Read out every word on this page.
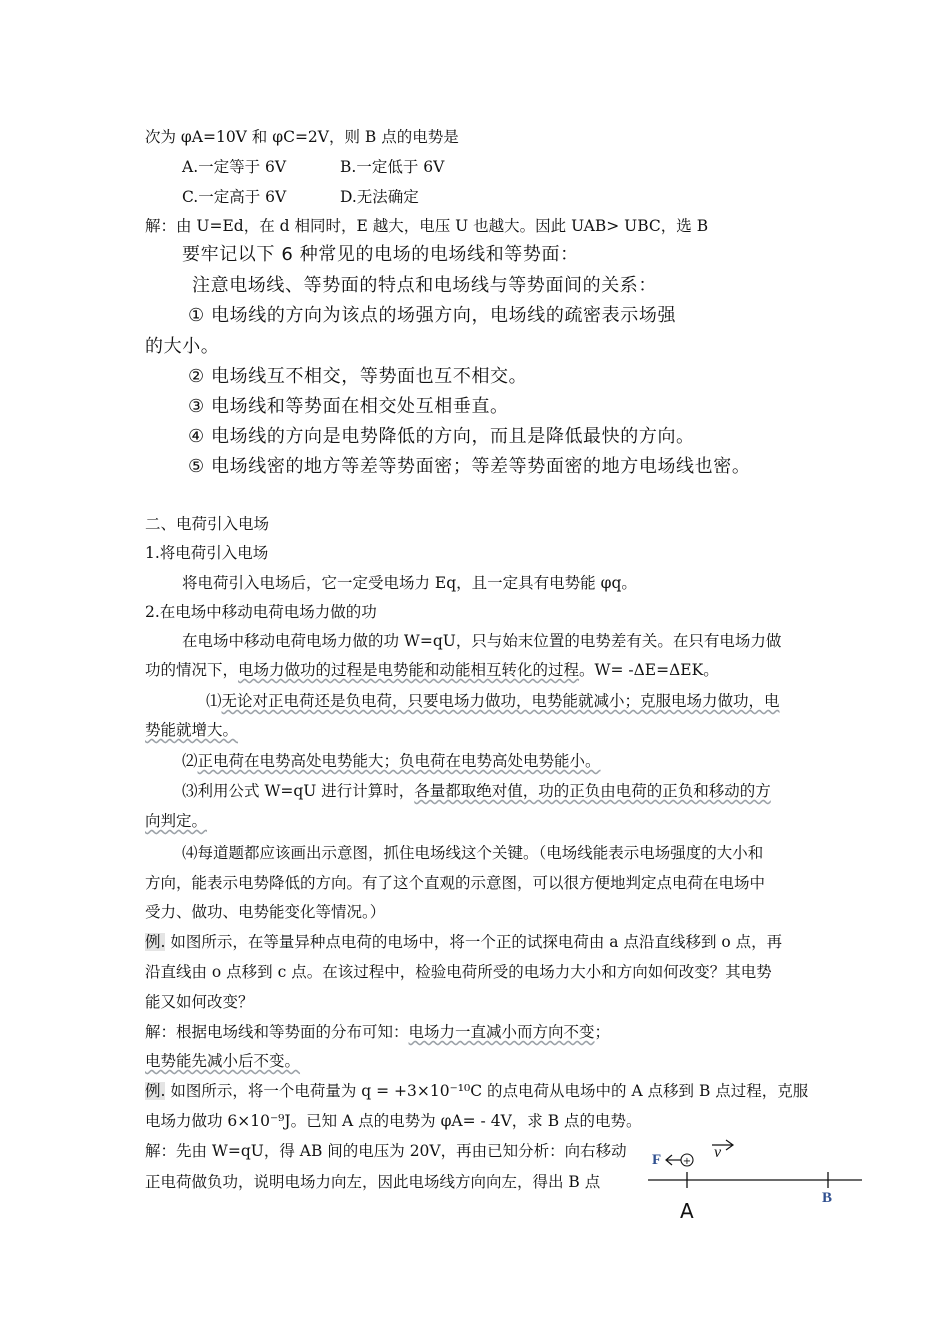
次为 φA=10V 和 φC=2V，则 B 点的电势是
A.一定等于 6V	B.一定低于 6V
C.一定高于 6V	D.无法确定
解：由 U=Ed，在 d 相同时，E 越大，电压 U 也越大。因此 UAB> UBC，选 B
要牢记以下 6 种常见的电场的电场线和等势面：
注意电场线、等势面的特点和电场线与等势面间的关系：
① 电场线的方向为该点的场强方向，电场线的疏密表示场强
的大小。
② 电场线互不相交，等势面也互不相交。
③ 电场线和等势面在相交处互相垂直。
④ 电场线的方向是电势降低的方向，而且是降低最快的方向。
⑤ 电场线密的地方等差等势面密；等差等势面密的地方电场线也密。
二、电荷引入电场
1.将电荷引入电场
将电荷引入电场后，它一定受电场力 Eq，且一定具有电势能 φq。
2.在电场中移动电荷电场力做的功
在电场中移动电荷电场力做的功 W=qU，只与始末位置的电势差有关。在只有电场力做
功的情况下，电场力做功的过程是电势能和动能相互转化的过程。W= -ΔE=ΔEK。
⑴无论对正电荷还是负电荷，只要电场力做功，电势能就减小；克服电场力做功，电
势能就增大。
⑵正电荷在电势高处电势能大；负电荷在电势高处电势能小。
⑶利用公式 W=qU 进行计算时，各量都取绝对值，功的正负由电荷的正负和移动的方
向判定。
⑷每道题都应该画出示意图，抓住电场线这个关键。（电场线能表示电场强度的大小和
方向，能表示电势降低的方向。有了这个直观的示意图，可以很方便地判定点电荷在电场中
受力、做功、电势能变化等情况。）
例. 如图所示，在等量异种点电荷的电场中，将一个正的试探电荷由 a 点沿直线移到 o 点，再
沿直线由 o 点移到 c 点。在该过程中，检验电荷所受的电场力大小和方向如何改变？其电势
能又如何改变？
解：根据电场线和等势面的分布可知：电场力一直减小而方向不变；
电势能先减小后不变。
例. 如图所示，将一个电荷量为 q = +3×10⁻¹⁰C 的点电荷从电场中的 A 点移到 B 点过程，克服
电场力做功 6×10⁻⁹J。已知 A 点的电势为 φA= - 4V，求 B 点的电势。
解：先由 W=qU，得 AB 间的电压为 20V，再由已知分析：向右移动
正电荷做负功，说明电场力向左，因此电场线方向向左，得出 B 点
F +
v
A
B
